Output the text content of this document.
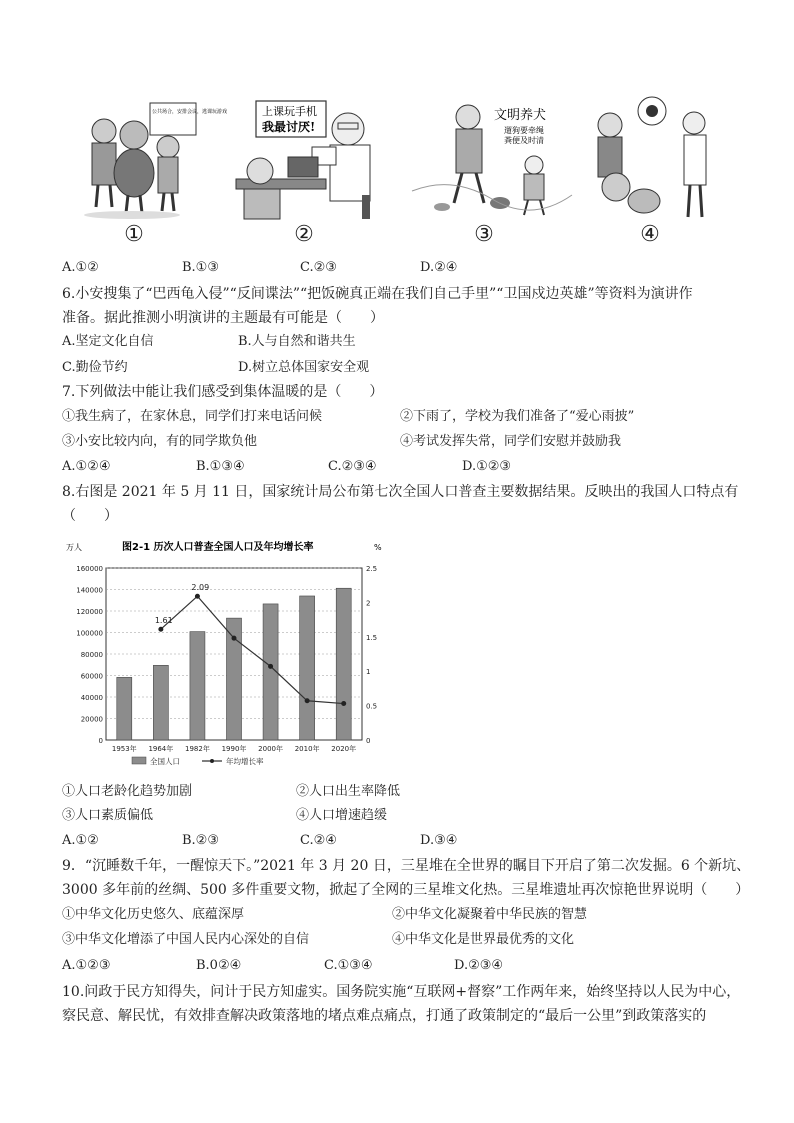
公共场合，安排会议，逃课玩游戏	上课玩手机
我最讨厌!
文明养犬
遛狗要牵绳
粪便及时清
①	②	③	④
A.①②	B.①③	C.②③	D.②④
6.小安搜集了“巴西龟入侵”“反间谍法”“把饭碗真正端在我们自己手里”“卫国戍边英雄”等资料为演讲作
准备。据此推测小明演讲的主题最有可能是（　　）
A.坚定文化自信	B.人与自然和谐共生
C.勤俭节约	D.树立总体国家安全观
7.下列做法中能让我们感受到集体温暖的是（　　）
①我生病了，在家休息，同学们打来电话问候	②下雨了，学校为我们准备了“爱心雨披”
③小安比较内向，有的同学欺负他	④考试发挥失常，同学们安慰并鼓励我
A.①②④	B.①③④	C.②③④	D.①②③
8.右图是 2021 年 5 月 11 日，国家统计局公布第七次全国人口普查主要数据结果。反映出的我国人口特点有
（　　）
图2-1 历次人口普查全国人口及年均增长率
万人	%
0
20000
40000
60000
80000
100000
120000
140000
160000
0
0.5
1
1.5
2
2.5
1953年 1964年 1982年 1990年 2000年 2010年 2020年
1.61
2.09
全国人口	年均增长率
①人口老龄化趋势加剧	②人口出生率降低
③人口素质偏低	④人口增速趋缓
A.①②	B.②③	C.②④	D.③④
9．“沉睡数千年，一醒惊天下。”2021 年 3 月 20 日，三星堆在全世界的瞩目下开启了第二次发掘。6 个新坑、
3000 多年前的丝绸、500 多件重要文物，掀起了全网的三星堆文化热。三星堆遗址再次惊艳世界说明（　　）
①中华文化历史悠久、底蕴深厚	②中华文化凝聚着中华民族的智慧
③中华文化增添了中国人民内心深处的自信	④中华文化是世界最优秀的文化
A.①②③	B.0②④	C.①③④	D.②③④
10.问政于民方知得失，问计于民方知虚实。国务院实施“互联网+督察”工作两年来，始终坚持以人民为中心，
察民意、解民忧，有效排查解决政策落地的堵点难点痛点，打通了政策制定的“最后一公里”到政策落实的
